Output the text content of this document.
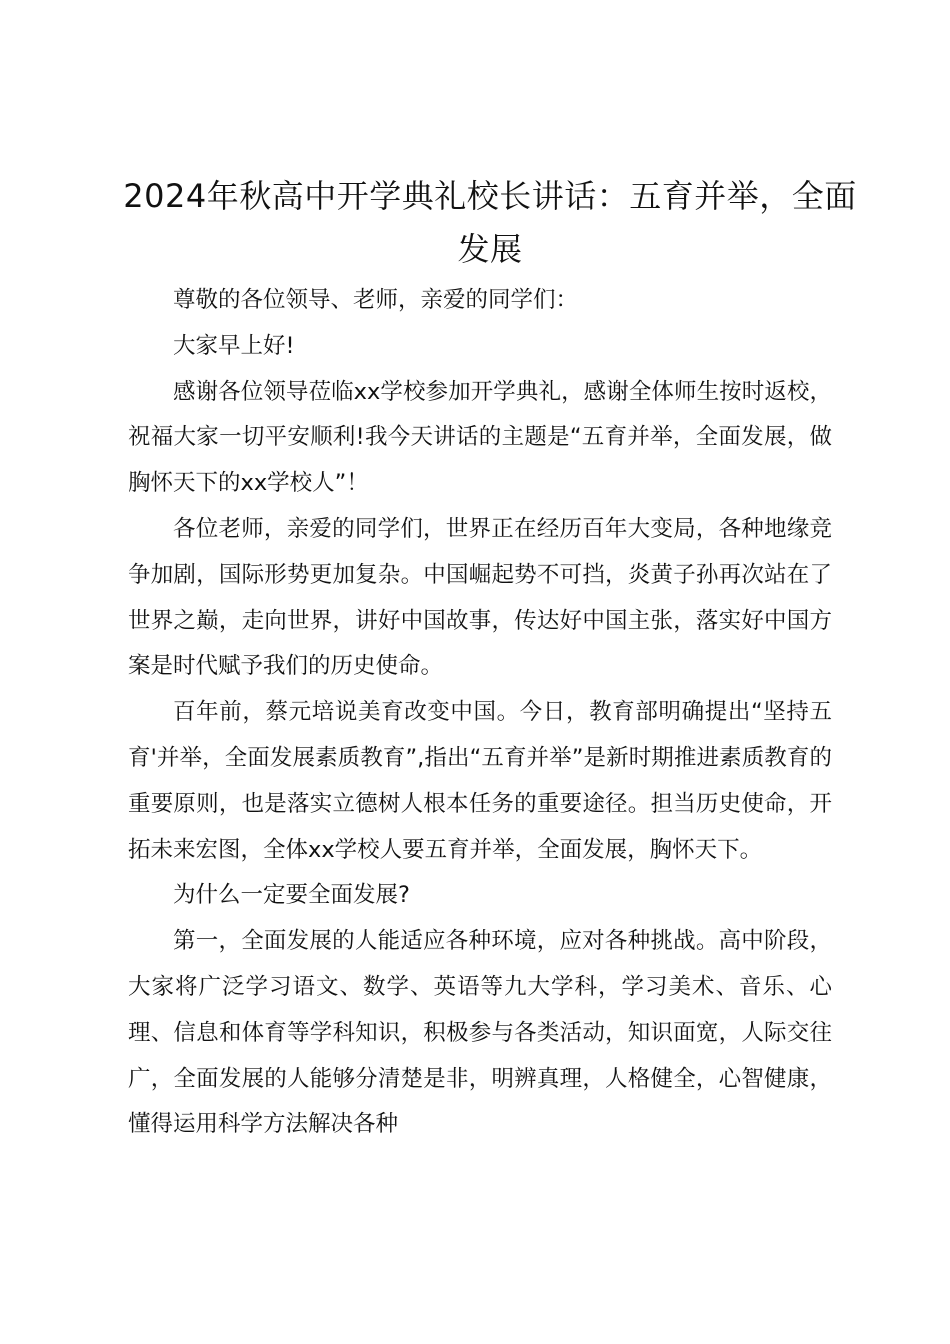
2024年秋高中开学典礼校长讲话：五育并举，全面发展

尊敬的各位领导、老师，亲爱的同学们：

大家早上好!

感谢各位领导莅临xx学校参加开学典礼，感谢全体师生按时返校，祝福大家一切平安顺利!我今天讲话的主题是“五育并举，全面发展，做胸怀天下的xx学校人”！

各位老师，亲爱的同学们，世界正在经历百年大变局，各种地缘竞争加剧，国际形势更加复杂。中国崛起势不可挡，炎黄子孙再次站在了世界之巅，走向世界，讲好中国故事，传达好中国主张，落实好中国方案是时代赋予我们的历史使命。

百年前，蔡元培说美育改变中国。今日，教育部明确提出“坚持五育'并举，全面发展素质教育”,指出“五育并举”是新时期推进素质教育的重要原则，也是落实立德树人根本任务的重要途径。担当历史使命，开拓未来宏图，全体xx学校人要五育并举，全面发展，胸怀天下。

为什么一定要全面发展?

第一，全面发展的人能适应各种环境，应对各种挑战。高中阶段，大家将广泛学习语文、数学、英语等九大学科，学习美术、音乐、心理、信息和体育等学科知识，积极参与各类活动，知识面宽，人际交往广，全面发展的人能够分清楚是非，明辨真理，人格健全，心智健康，懂得运用科学方法解决各种
